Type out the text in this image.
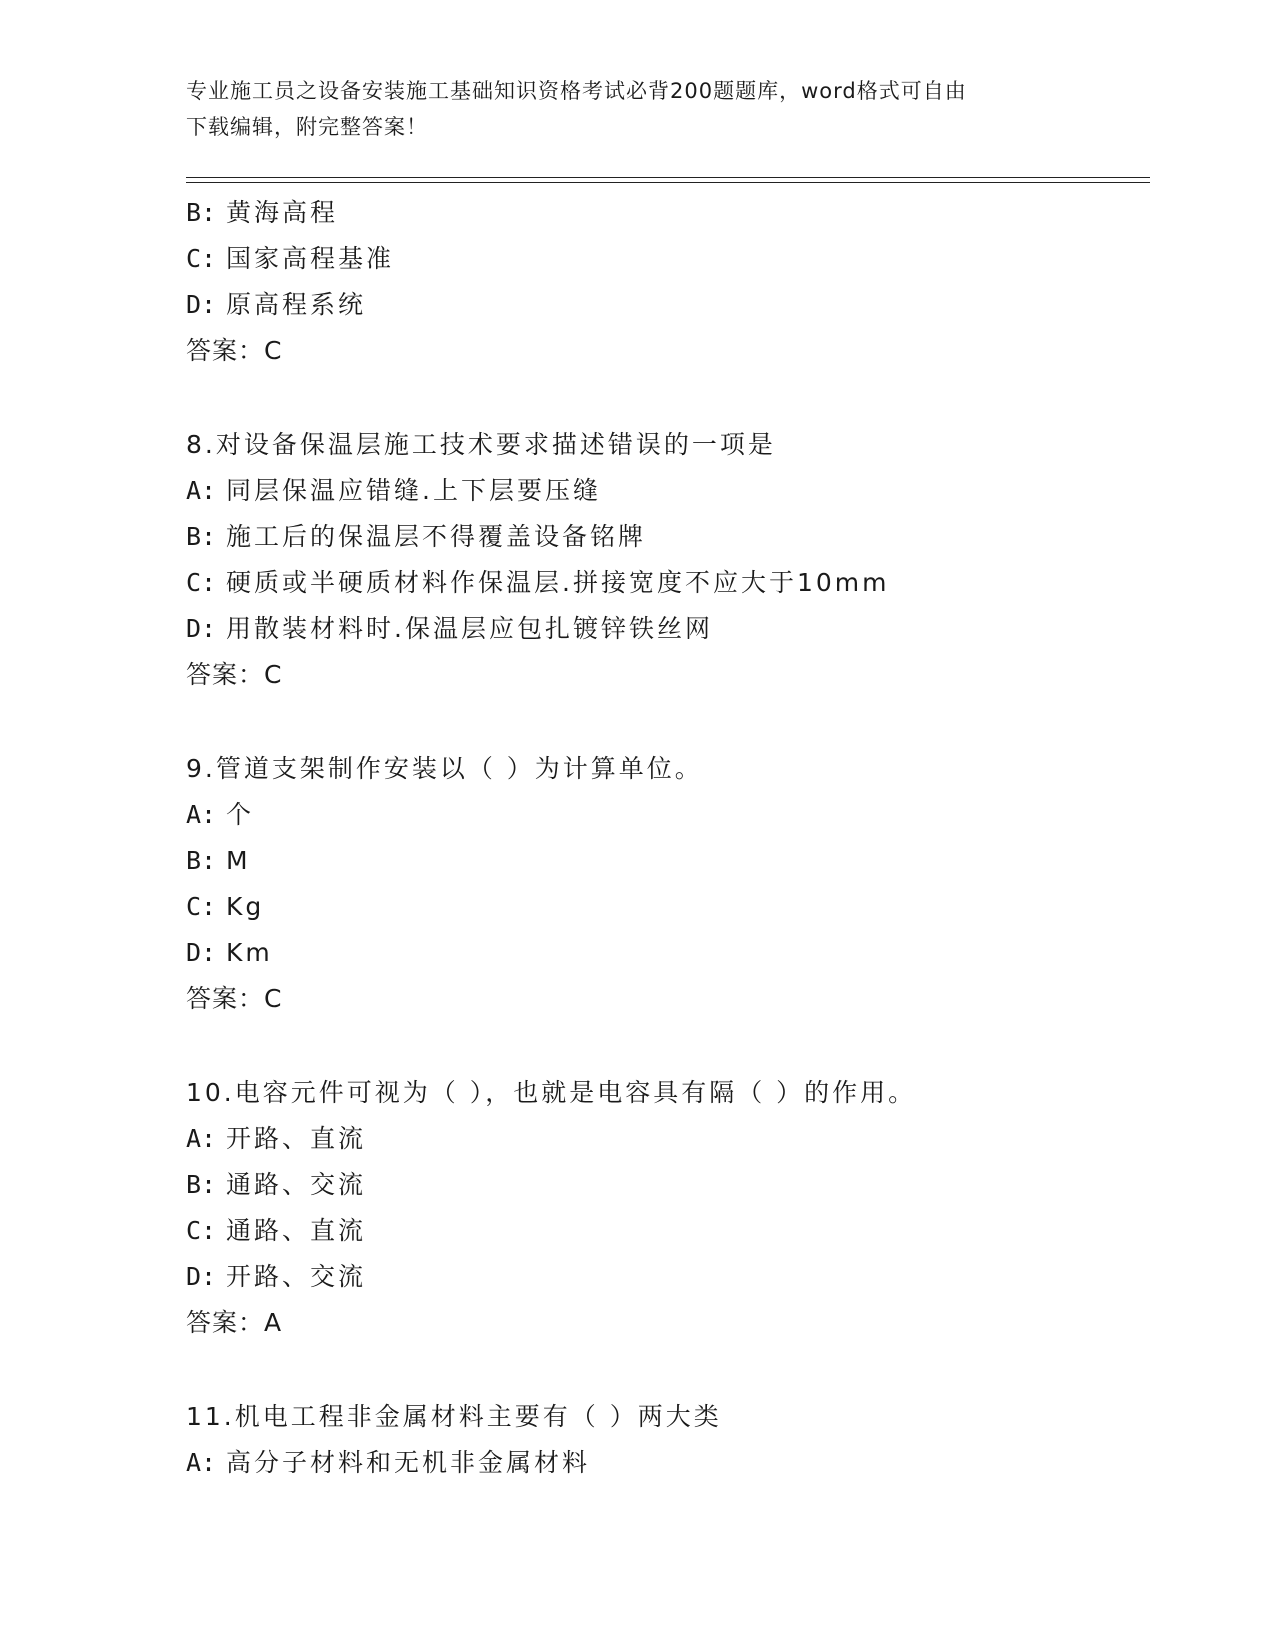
专业施工员之设备安装施工基础知识资格考试必背200题题库，word格式可自由
下载编辑，附完整答案！
B: 黄海高程
C: 国家高程基准
D: 原高程系统
答案：C
8.对设备保温层施工技术要求描述错误的一项是
A: 同层保温应错缝.上下层要压缝
B: 施工后的保温层不得覆盖设备铭牌
C: 硬质或半硬质材料作保温层.拼接宽度不应大于10mm
D: 用散装材料时.保温层应包扎镀锌铁丝网
答案：C
9.管道支架制作安装以（ ）为计算单位。
A: 个
B: M
C: Kg
D: Km
答案：C
10.电容元件可视为（ ），也就是电容具有隔（ ）的作用。
A: 开路、直流
B: 通路、交流
C: 通路、直流
D: 开路、交流
答案：A
11.机电工程非金属材料主要有（ ）两大类
A: 高分子材料和无机非金属材料
